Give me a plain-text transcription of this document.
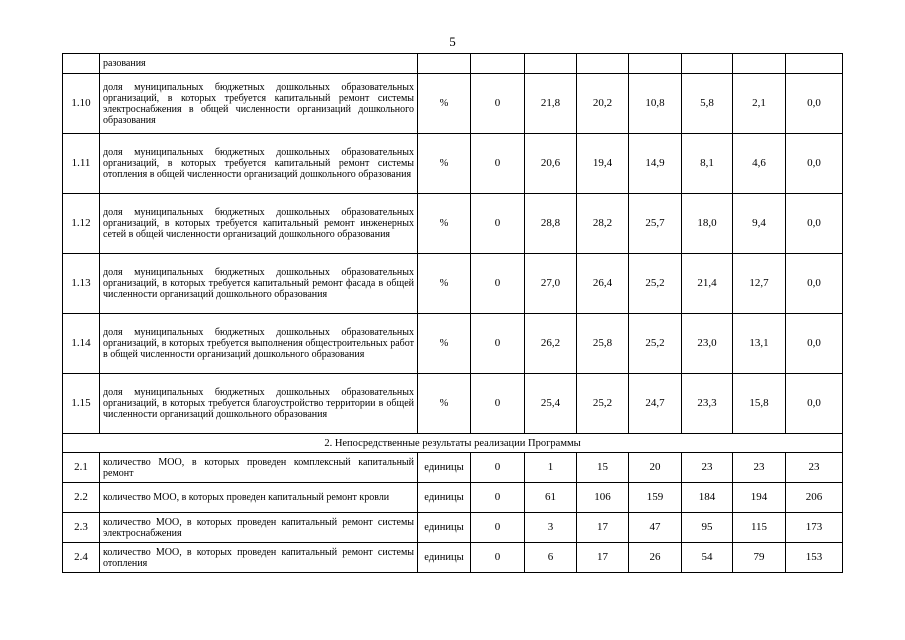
5
	разования								
1.10	доля муниципальных бюджетных дошкольных образовательных организаций, в которых требуется капитальный ремонт системы электроснабжения в общей численности организаций дошкольного образования	%	0	21,8	20,2	10,8	5,8	2,1	0,0
1.11	доля муниципальных бюджетных дошкольных образовательных организаций, в которых требуется капитальный ремонт системы отопления в общей численности организаций дошкольного образования	%	0	20,6	19,4	14,9	8,1	4,6	0,0
1.12	доля муниципальных бюджетных дошкольных образовательных организаций, в которых требуется капитальный ремонт инженерных сетей в общей численности организаций дошкольного образования	%	0	28,8	28,2	25,7	18,0	9,4	0,0
1.13	доля муниципальных бюджетных дошкольных образовательных организаций, в которых требуется капитальный ремонт фасада в общей численности организаций дошкольного образования	%	0	27,0	26,4	25,2	21,4	12,7	0,0
1.14	доля муниципальных бюджетных дошкольных образовательных организаций, в которых требуется выполнения общестроительных работ в общей численности организаций дошкольного образования	%	0	26,2	25,8	25,2	23,0	13,1	0,0
1.15	доля муниципальных бюджетных дошкольных образовательных организаций, в которых требуется благоустройство территории в общей численности организаций дошкольного образования	%	0	25,4	25,2	24,7	23,3	15,8	0,0
2. Непосредственные результаты реализации Программы									
2.1	количество МОО, в которых проведен комплексный капитальный ремонт	единицы	0	1	15	20	23	23	23
2.2	количество МОО, в которых проведен капитальный ремонт кровли	единицы	0	61	106	159	184	194	206
2.3	количество МОО, в которых проведен капитальный ремонт системы электроснабжения	единицы	0	3	17	47	95	115	173
2.4	количество МОО, в которых проведен капитальный ремонт системы отопления	единицы	0	6	17	26	54	79	153
